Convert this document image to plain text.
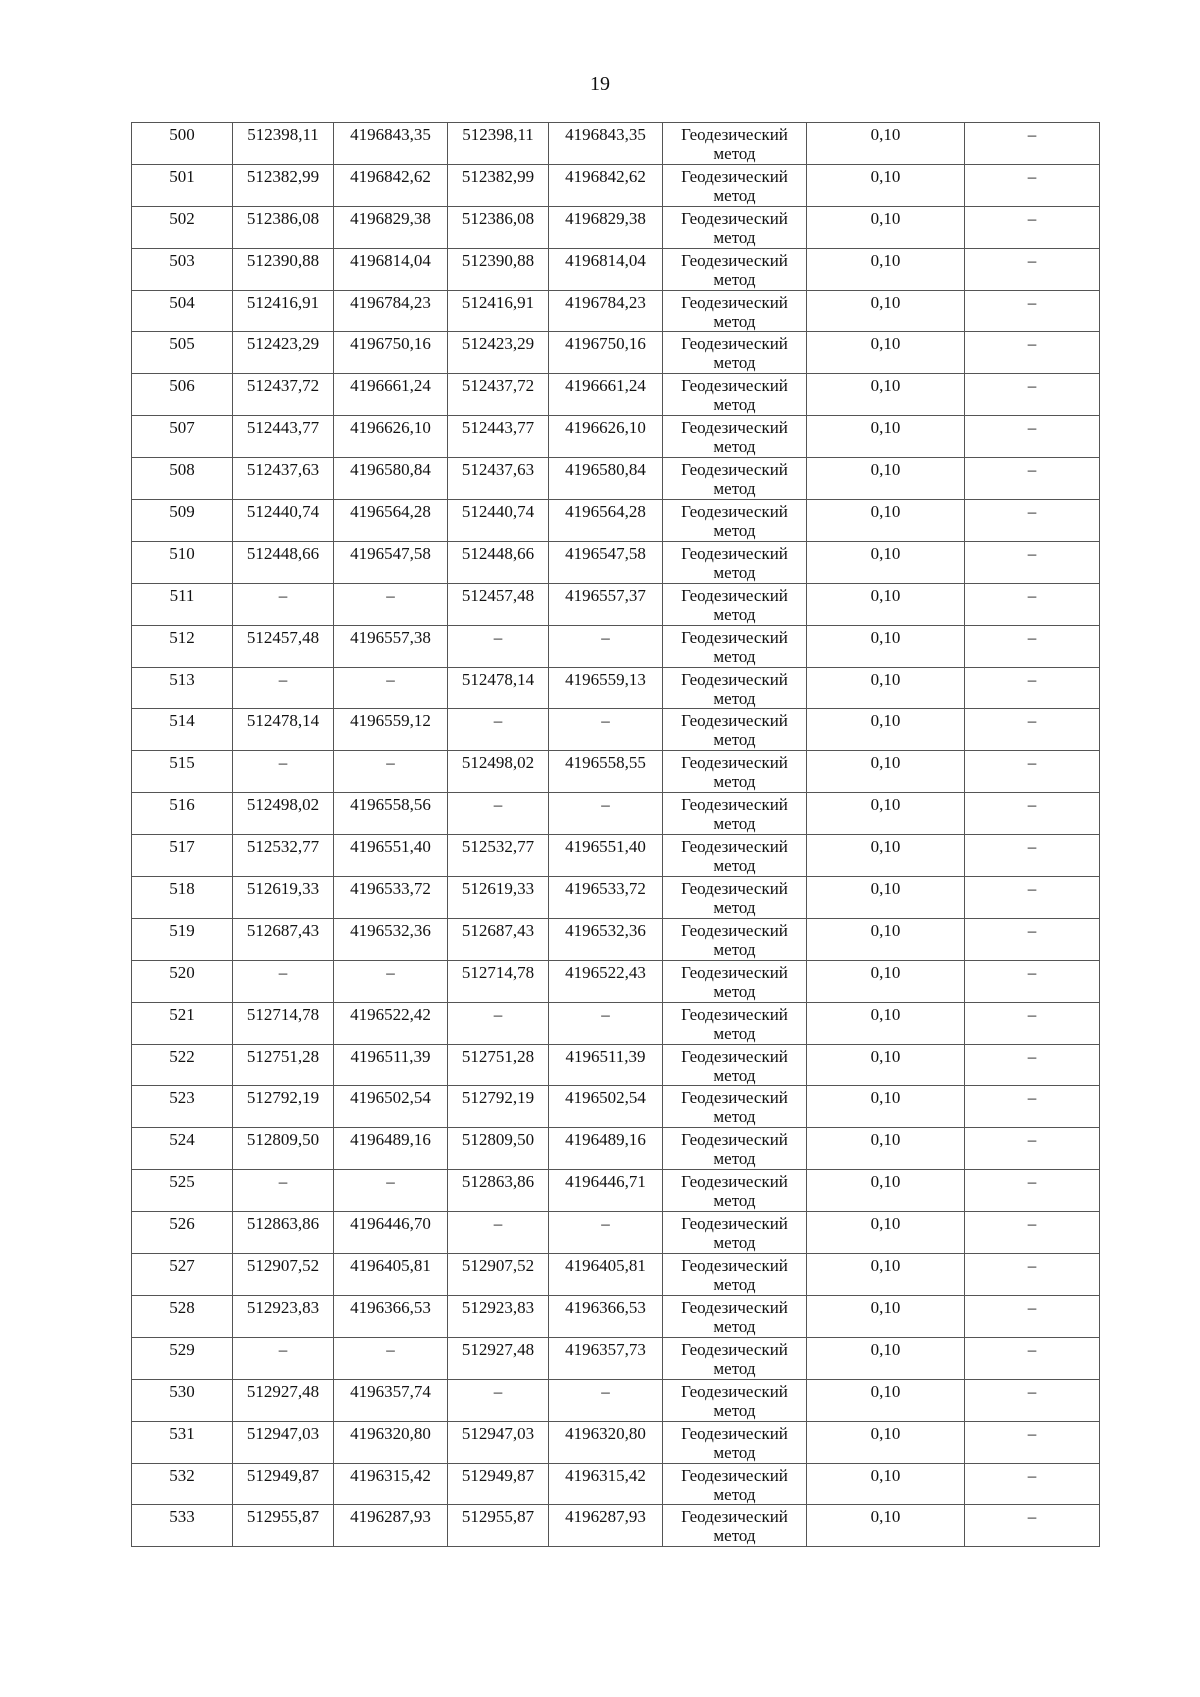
19
500	512398,11	4196843,35	512398,11	4196843,35	Геодезический метод	0,10	–
501	512382,99	4196842,62	512382,99	4196842,62	Геодезический метод	0,10	–
502	512386,08	4196829,38	512386,08	4196829,38	Геодезический метод	0,10	–
503	512390,88	4196814,04	512390,88	4196814,04	Геодезический метод	0,10	–
504	512416,91	4196784,23	512416,91	4196784,23	Геодезический метод	0,10	–
505	512423,29	4196750,16	512423,29	4196750,16	Геодезический метод	0,10	–
506	512437,72	4196661,24	512437,72	4196661,24	Геодезический метод	0,10	–
507	512443,77	4196626,10	512443,77	4196626,10	Геодезический метод	0,10	–
508	512437,63	4196580,84	512437,63	4196580,84	Геодезический метод	0,10	–
509	512440,74	4196564,28	512440,74	4196564,28	Геодезический метод	0,10	–
510	512448,66	4196547,58	512448,66	4196547,58	Геодезический метод	0,10	–
511	–	–	512457,48	4196557,37	Геодезический метод	0,10	–
512	512457,48	4196557,38	–	–	Геодезический метод	0,10	–
513	–	–	512478,14	4196559,13	Геодезический метод	0,10	–
514	512478,14	4196559,12	–	–	Геодезический метод	0,10	–
515	–	–	512498,02	4196558,55	Геодезический метод	0,10	–
516	512498,02	4196558,56	–	–	Геодезический метод	0,10	–
517	512532,77	4196551,40	512532,77	4196551,40	Геодезический метод	0,10	–
518	512619,33	4196533,72	512619,33	4196533,72	Геодезический метод	0,10	–
519	512687,43	4196532,36	512687,43	4196532,36	Геодезический метод	0,10	–
520	–	–	512714,78	4196522,43	Геодезический метод	0,10	–
521	512714,78	4196522,42	–	–	Геодезический метод	0,10	–
522	512751,28	4196511,39	512751,28	4196511,39	Геодезический метод	0,10	–
523	512792,19	4196502,54	512792,19	4196502,54	Геодезический метод	0,10	–
524	512809,50	4196489,16	512809,50	4196489,16	Геодезический метод	0,10	–
525	–	–	512863,86	4196446,71	Геодезический метод	0,10	–
526	512863,86	4196446,70	–	–	Геодезический метод	0,10	–
527	512907,52	4196405,81	512907,52	4196405,81	Геодезический метод	0,10	–
528	512923,83	4196366,53	512923,83	4196366,53	Геодезический метод	0,10	–
529	–	–	512927,48	4196357,73	Геодезический метод	0,10	–
530	512927,48	4196357,74	–	–	Геодезический метод	0,10	–
531	512947,03	4196320,80	512947,03	4196320,80	Геодезический метод	0,10	–
532	512949,87	4196315,42	512949,87	4196315,42	Геодезический метод	0,10	–
533	512955,87	4196287,93	512955,87	4196287,93	Геодезический метод	0,10	–
